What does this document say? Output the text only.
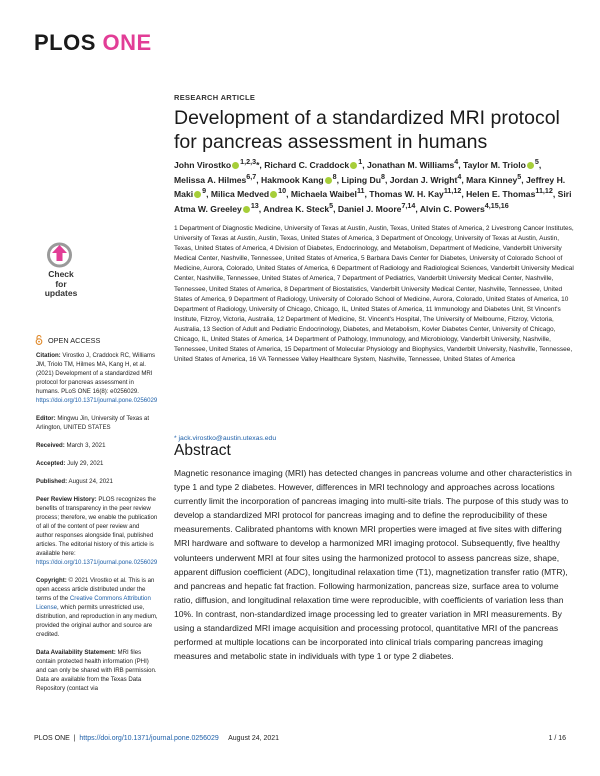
PLOS ONE
RESEARCH ARTICLE
Development of a standardized MRI protocol for pancreas assessment in humans
John Virostko $^{1,2,3}$*, Richard C. Craddock $^1$, Jonathan M. Williams$^4$, Taylor M. Triolo $^5$, Melissa A. Hilmes$^{6,7}$, Hakmook Kang $^8$, Liping Du$^8$, Jordan J. Wright$^4$, Mara Kinney$^5$, Jeffrey H. Maki $^9$, Milica Medved $^{10}$, Michaela Waibel$^{11}$, Thomas W. H. Kay$^{11,12}$, Helen E. Thomas$^{11,12}$, Siri Atma W. Greeley $^{13}$, Andrea K. Steck$^5$, Daniel J. Moore$^{7,14}$, Alvin C. Powers$^{4,15,16}$
1 Department of Diagnostic Medicine, University of Texas at Austin, Austin, Texas, United States of America, 2 Livestrong Cancer Institutes, University of Texas at Austin, Austin, Texas, United States of America, 3 Department of Oncology, University of Texas at Austin, Austin, Texas, United States of America, 4 Division of Diabetes, Endocrinology, and Metabolism, Department of Medicine, Vanderbilt University Medical Center, Nashville, Tennessee, United States of America, 5 Barbara Davis Center for Diabetes, University of Colorado School of Medicine, Aurora, Colorado, United States of America, 6 Department of Radiology and Radiological Sciences, Vanderbilt University Medical Center, Nashville, Tennessee, United States of America, 7 Department of Pediatrics, Vanderbilt University Medical Center, Nashville, Tennessee, United States of America, 8 Department of Biostatistics, Vanderbilt University Medical Center, Nashville, Tennessee, United States of America, 9 Department of Radiology, University of Colorado School of Medicine, Aurora, Colorado, United States of America, 10 Department of Radiology, University of Chicago, Chicago, IL, United States of America, 11 Immunology and Diabetes Unit, St Vincent's Institute, Fitzroy, Victoria, Australia, 12 Department of Medicine, St. Vincent's Hospital, The University of Melbourne, Fitzroy, Victoria, Australia, 13 Section of Adult and Pediatric Endocrinology, Diabetes, and Metabolism, Kovler Diabetes Center, University of Chicago, Chicago, IL, United States of America, 14 Department of Pathology, Immunology, and Microbiology, Vanderbilt University, Nashville, Tennessee, United States of America, 15 Department of Molecular Physiology and Biophysics, Vanderbilt University, Nashville, Tennessee, United States of America, 16 VA Tennessee Valley Healthcare System, Nashville, Tennessee, United States of America
* jack.virostko@austin.utexas.edu
Abstract
Magnetic resonance imaging (MRI) has detected changes in pancreas volume and other characteristics in type 1 and type 2 diabetes. However, differences in MRI technology and approaches across locations currently limit the incorporation of pancreas imaging into multi-site trials. The purpose of this study was to develop a standardized MRI protocol for pancreas imaging and to define the reproducibility of these measurements. Calibrated phantoms with known MRI properties were imaged at five sites with differing MRI hardware and software to develop a harmonized MRI imaging protocol. Subsequently, five healthy volunteers underwent MRI at four sites using the harmonized protocol to assess pancreas size, shape, apparent diffusion coefficient (ADC), longitudinal relaxation time (T1), magnetization transfer ratio (MTR), and pancreas and hepatic fat fraction. Following harmonization, pancreas size, surface area to volume ratio, diffusion, and longitudinal relaxation time were reproducible, with coefficients of variation less than 10%. In contrast, non-standardized image processing led to greater variation in MRI measurements. By using a standardized MRI image acquisition and processing protocol, quantitative MRI of the pancreas performed at multiple locations can be incorporated into clinical trials comparing pancreas imaging measures and metabolic state in individuals with type 1 or type 2 diabetes.
Check for
updates
OPEN ACCESS

Citation: Virostko J, Craddock RC, Williams JM, Triolo TM, Hilmes MA, Kang H, et al. (2021) Development of a standardized MRI protocol for pancreas assessment in humans. PLoS ONE 16(8): e0256029. https://doi.org/10.1371/journal.pone.0256029

Editor: Mingwu Jin, University of Texas at Arlington, UNITED STATES

Received: March 3, 2021

Accepted: July 29, 2021

Published: August 24, 2021

Peer Review History: PLOS recognizes the benefits of transparency in the peer review process; therefore, we enable the publication of all of the content of peer review and author responses alongside final, published articles. The editorial history of this article is available here: https://doi.org/10.1371/journal.pone.0256029

Copyright: © 2021 Virostko et al. This is an open access article distributed under the terms of the Creative Commons Attribution License, which permits unrestricted use, distribution, and reproduction in any medium, provided the original author and source are credited.

Data Availability Statement: MRI files contain protected health information (PHI) and can only be shared with IRB permission. Data are available from the Texas Data Repository (contact via

PLOS ONE  |  https://doi.org/10.1371/journal.pone.0256029 August 24, 2021	1 / 16
